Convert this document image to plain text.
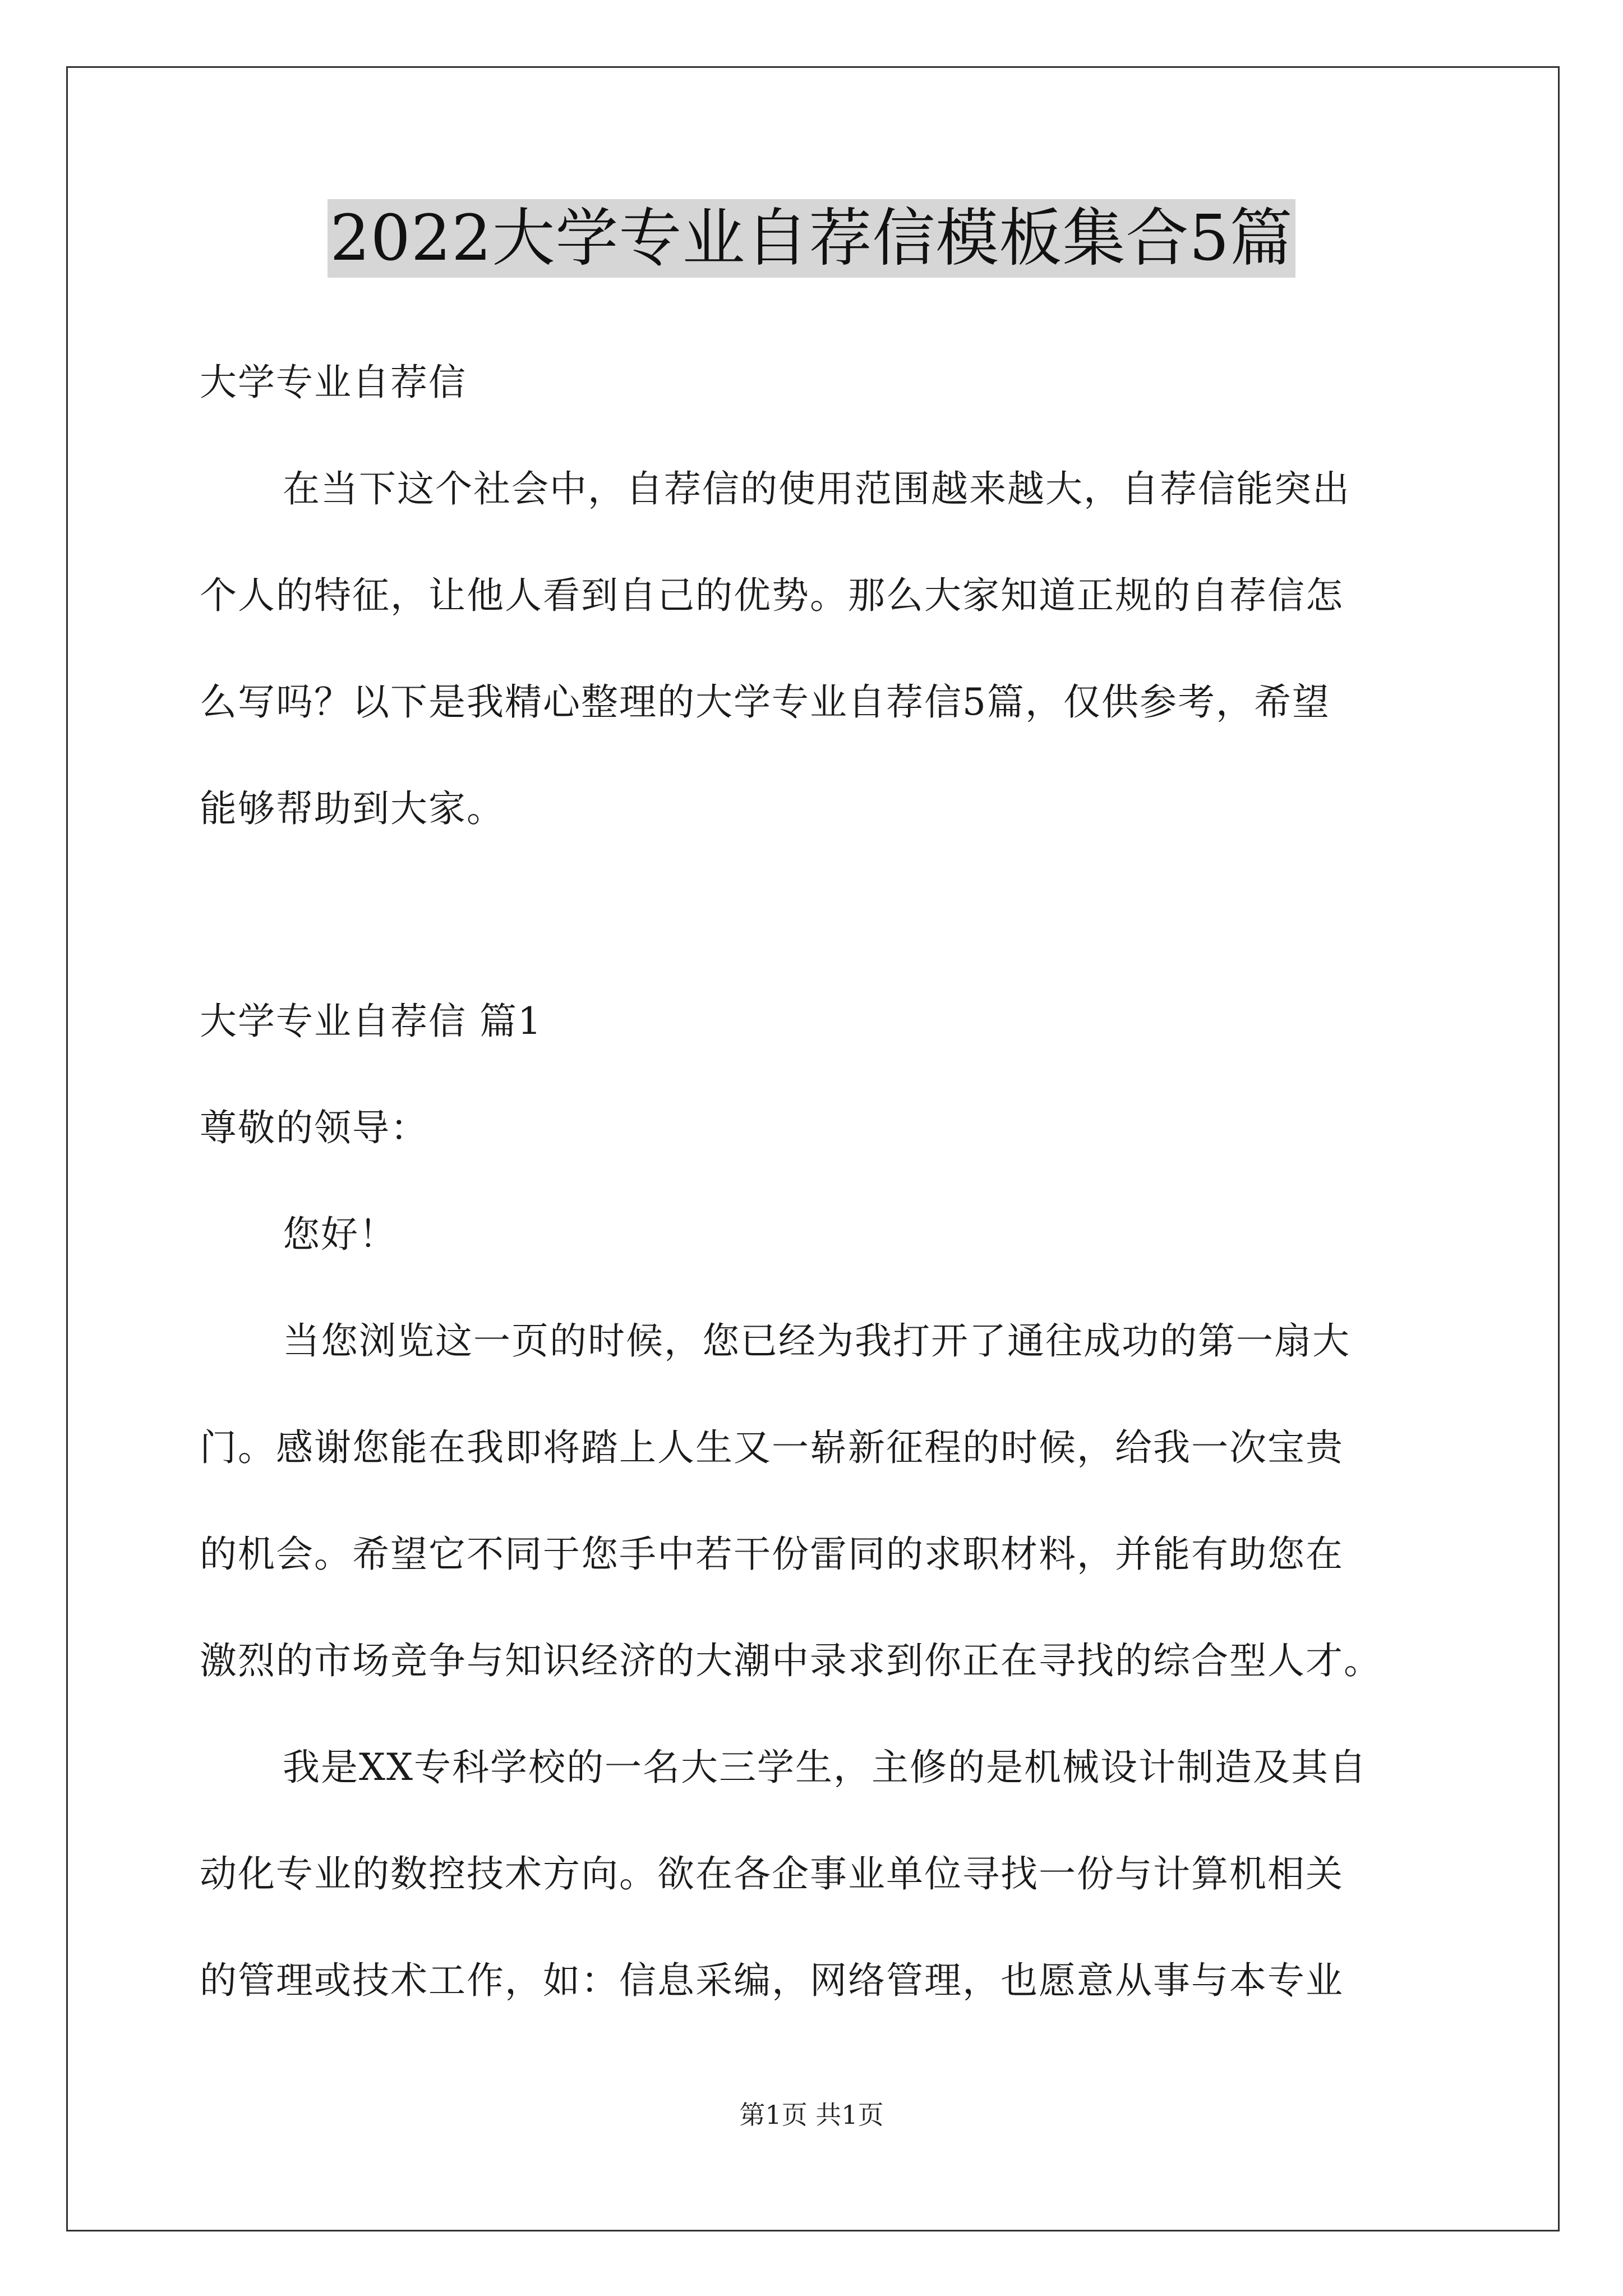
2022大学专业自荐信模板集合5篇
大学专业自荐信
在当下这个社会中，自荐信的使用范围越来越大，自荐信能突出
个人的特征，让他人看到自己的优势。那么大家知道正规的自荐信怎
么写吗？以下是我精心整理的大学专业自荐信5篇，仅供参考，希望
能够帮助到大家。
大学专业自荐信 篇1
尊敬的领导：
您好！
当您浏览这一页的时候，您已经为我打开了通往成功的第一扇大
门。感谢您能在我即将踏上人生又一崭新征程的时候，给我一次宝贵
的机会。希望它不同于您手中若干份雷同的求职材料，并能有助您在
激烈的市场竞争与知识经济的大潮中录求到你正在寻找的综合型人才。
我是XX专科学校的一名大三学生，主修的是机械设计制造及其自
动化专业的数控技术方向。欲在各企事业单位寻找一份与计算机相关
的管理或技术工作，如：信息采编，网络管理，也愿意从事与本专业
第1页 共1页
